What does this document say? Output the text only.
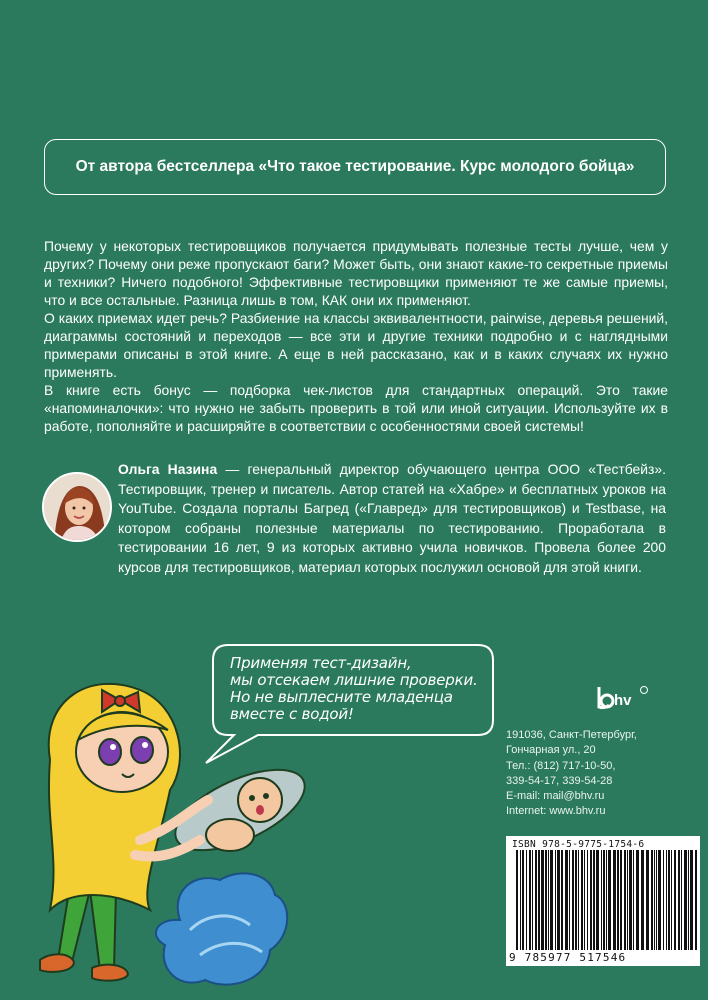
От автора бестселлера «Что такое тестирование. Курс молодого бойца»

Почему у некоторых тестировщиков получается придумывать полезные тесты лучше, чем у других? Почему они реже пропускают баги? Может быть, они знают какие-то секретные приемы и техники? Ничего подобного! Эффективные тестировщики применяют те же самые приемы, что и все остальные. Разница лишь в том, КАК они их применяют.

О каких приемах идет речь? Разбиение на классы эквивалентности, pairwise, деревья решений, диаграммы состояний и переходов — все эти и другие техники подробно и с наглядными примерами описаны в этой книге. А еще в ней рассказано, как и в каких случаях их нужно применять.

В книге есть бонус — подборка чек-листов для стандартных операций. Это такие «напоминалочки»: что нужно не забыть проверить в той или иной ситуации. Используйте их в работе, пополняйте и расширяйте в соответствии с особенностями своей системы!

Ольга Назина — генеральный директор обучающего центра ООО «Тестбейз». Тестировщик, тренер и писатель. Автор статей на «Хабре» и бесплатных уроков на YouTube. Создала порталы Багред («Главред» для тестировщиков) и Testbase, на котором собраны полезные материалы по тестированию. Проработала в тестировании 16 лет, 9 из которых активно учила новичков. Провела более 200 курсов для тестировщиков, материал которых послужил основой для этой книги.

Применяя тест-дизайн,
мы отсекаем лишние проверки.
Но не выплесните младенца
вместе с водой!
hv
191036, Санкт-Петербург,
Гончарная ул., 20
Тел.: (812) 717-10-50,
339-54-17, 339-54-28
E-mail: mail@bhv.ru
Internet: www.bhv.ru
ISBN 978-5-9775-1754-6
9 785977 517546
